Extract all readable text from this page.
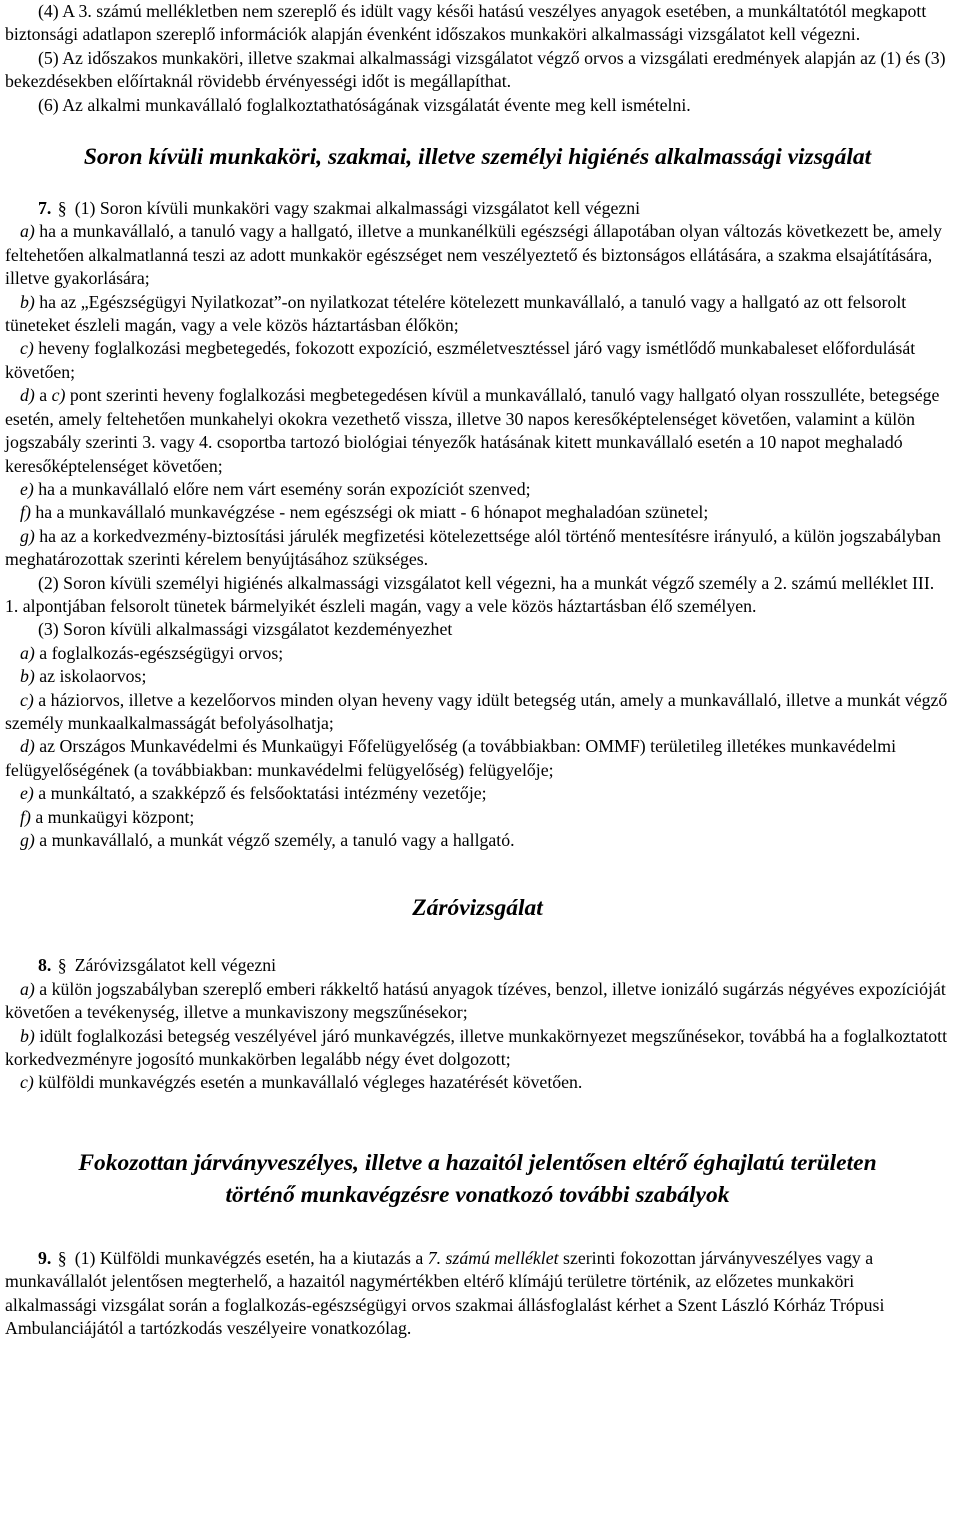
(4) A 3. számú mellékletben nem szereplő és idült vagy késői hatású veszélyes anyagok esetében, a munkáltatótól megkapott biztonsági adatlapon szereplő információk alapján évenként időszakos munkaköri alkalmassági vizsgálatot kell végezni.

(5) Az időszakos munkaköri, illetve szakmai alkalmassági vizsgálatot végző orvos a vizsgálati eredmények alapján az (1) és (3) bekezdésekben előírtaknál rövidebb érvényességi időt is megállapíthat.

(6) Az alkalmi munkavállaló foglalkoztathatóságának vizsgálatát évente meg kell ismételni.

Soron kívüli munkaköri, szakmai, illetve személyi higiénés alkalmassági vizsgálat

7. § (1) Soron kívüli munkaköri vagy szakmai alkalmassági vizsgálatot kell végezni

a) ha a munkavállaló, a tanuló vagy a hallgató, illetve a munkanélküli egészségi állapotában olyan változás következett be, amely feltehetően alkalmatlanná teszi az adott munkakör egészséget nem veszélyeztető és biztonságos ellátására, a szakma elsajátítására, illetve gyakorlására;

b) ha az „Egészségügyi Nyilatkozat”-on nyilatkozat tételére kötelezett munkavállaló, a tanuló vagy a hallgató az ott felsorolt tüneteket észleli magán, vagy a vele közös háztartásban élőkön;

c) heveny foglalkozási megbetegedés, fokozott expozíció, eszméletvesztéssel járó vagy ismétlődő munkabaleset előfordulását követően;

d) a c) pont szerinti heveny foglalkozási megbetegedésen kívül a munkavállaló, tanuló vagy hallgató olyan rosszulléte, betegsége esetén, amely feltehetően munkahelyi okokra vezethető vissza, illetve 30 napos keresőképtelenséget követően, valamint a külön jogszabály szerinti 3. vagy 4. csoportba tartozó biológiai tényezők hatásának kitett munkavállaló esetén a 10 napot meghaladó keresőképtelenséget követően;

e) ha a munkavállaló előre nem várt esemény során expozíciót szenved;

f) ha a munkavállaló munkavégzése - nem egészségi ok miatt - 6 hónapot meghaladóan szünetel;

g) ha az a korkedvezmény-biztosítási járulék megfizetési kötelezettsége alól történő mentesítésre irányuló, a külön jogszabályban meghatározottak szerinti kérelem benyújtásához szükséges.

(2) Soron kívüli személyi higiénés alkalmassági vizsgálatot kell végezni, ha a munkát végző személy a 2. számú melléklet III. 1. alpontjában felsorolt tünetek bármelyikét észleli magán, vagy a vele közös háztartásban élő személyen.

(3) Soron kívüli alkalmassági vizsgálatot kezdeményezhet

a) a foglalkozás-egészségügyi orvos;

b) az iskolaorvos;

c) a háziorvos, illetve a kezelőorvos minden olyan heveny vagy idült betegség után, amely a munkavállaló, illetve a munkát végző személy munkaalkalmasságát befolyásolhatja;

d) az Országos Munkavédelmi és Munkaügyi Főfelügyelőség (a továbbiakban: OMMF) területileg illetékes munkavédelmi felügyelőségének (a továbbiakban: munkavédelmi felügyelőség) felügyelője;

e) a munkáltató, a szakképző és felsőoktatási intézmény vezetője;

f) a munkaügyi központ;

g) a munkavállaló, a munkát végző személy, a tanuló vagy a hallgató.

Záróvizsgálat

8. § Záróvizsgálatot kell végezni

a) a külön jogszabályban szereplő emberi rákkeltő hatású anyagok tízéves, benzol, illetve ionizáló sugárzás négyéves expozícióját követően a tevékenység, illetve a munkaviszony megszűnésekor;

b) idült foglalkozási betegség veszélyével járó munkavégzés, illetve munkakörnyezet megszűnésekor, továbbá ha a foglalkoztatott korkedvezményre jogosító munkakörben legalább négy évet dolgozott;

c) külföldi munkavégzés esetén a munkavállaló végleges hazatérését követően.

Fokozottan járványveszélyes, illetve a hazaitól jelentősen eltérő éghajlatú területen
történő munkavégzésre vonatkozó további szabályok

9. § (1) Külföldi munkavégzés esetén, ha a kiutazás a 7. számú melléklet szerinti fokozottan járványveszélyes vagy a munkavállalót jelentősen megterhelő, a hazaitól nagymértékben eltérő klímájú területre történik, az előzetes munkaköri alkalmassági vizsgálat során a foglalkozás-egészségügyi orvos szakmai állásfoglalást kérhet a Szent László Kórház Trópusi Ambulanciájától a tartózkodás veszélyeire vonatkozólag.
